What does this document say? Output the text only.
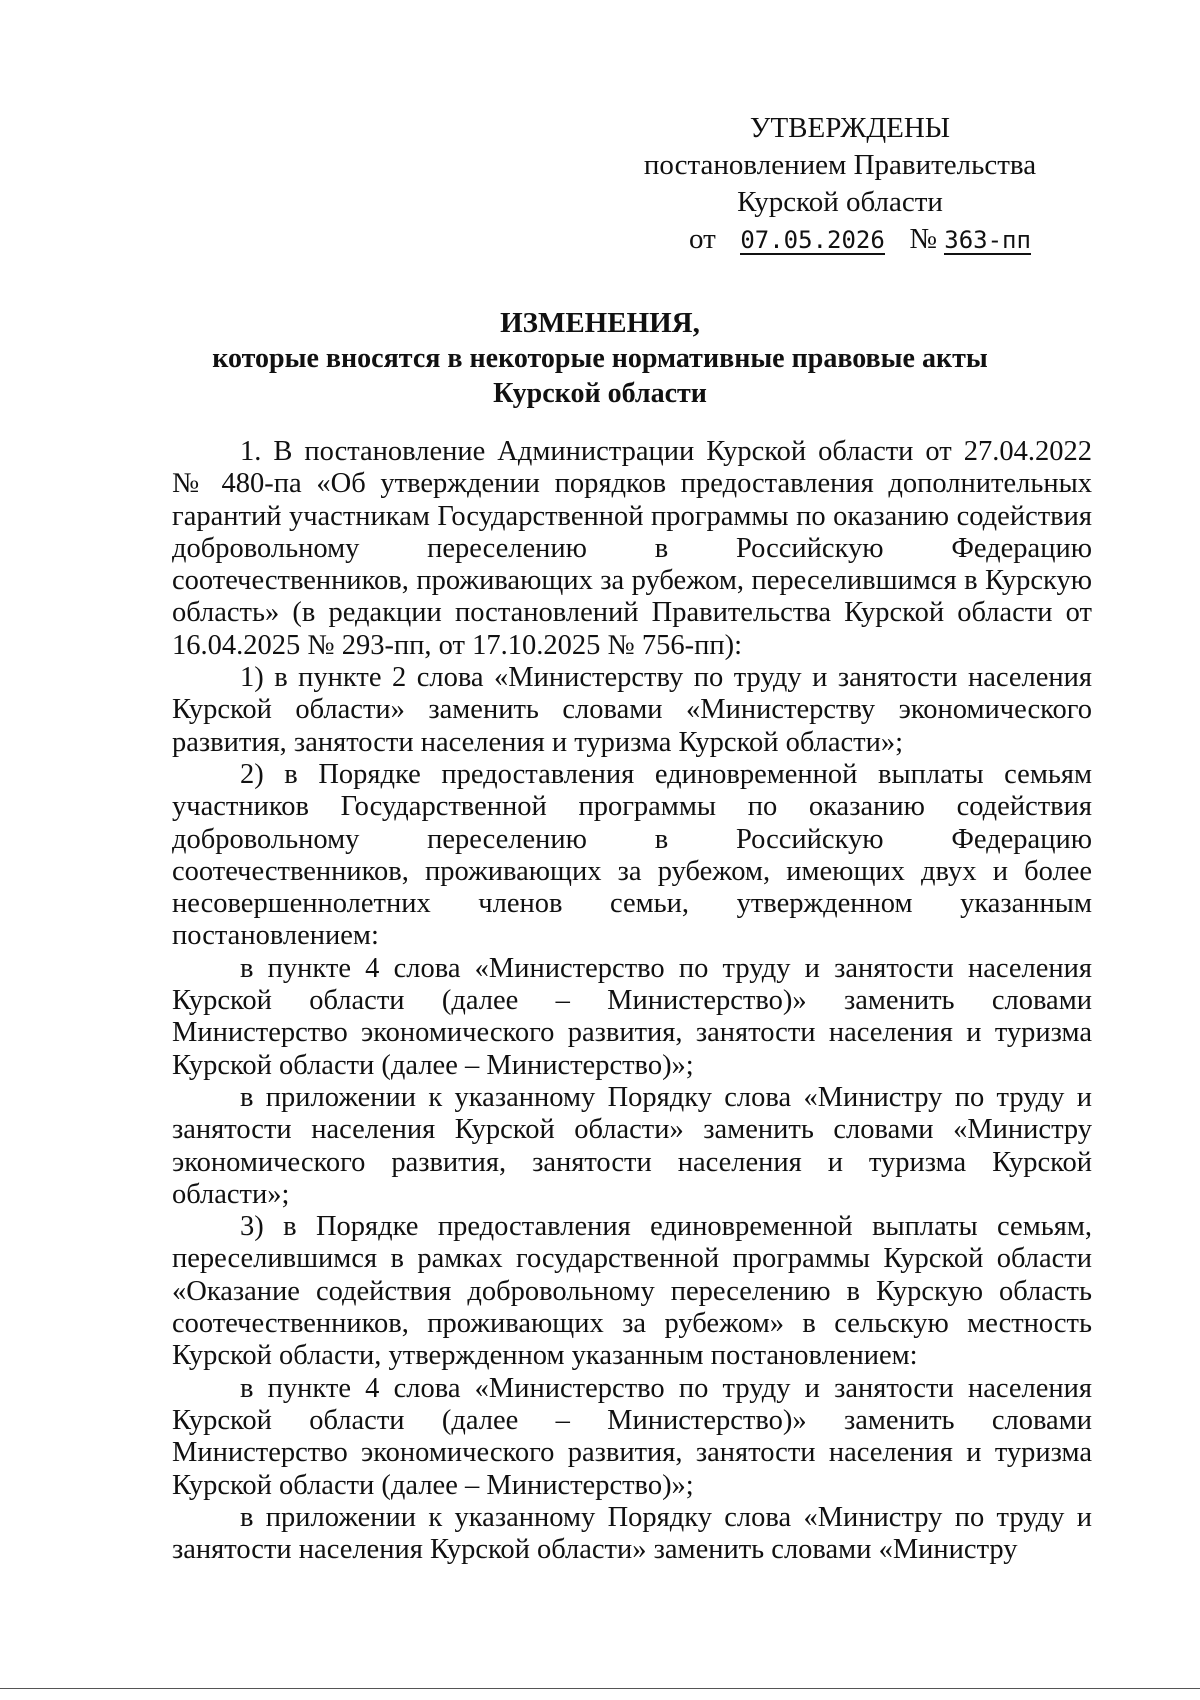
УТВЕРЖДЕНЫ
постановлением Правительства
Курской области
от 07.05.2026 № 363-пп
ИЗМЕНЕНИЯ,
которые вносятся в некоторые нормативные правовые акты
Курской области

1. В постановление Администрации Курской области от 27.04.2022 № 480-па «Об утверждении порядков предоставления дополнительных гарантий участникам Государственной программы по оказанию содействия добровольному переселению в Российскую Федерацию соотечественников, проживающих за рубежом, переселившимся в Курскую область» (в редакции постановлений Правительства Курской области от 16.04.2025 № 293-пп, от 17.10.2025 № 756-пп):

1) в пункте 2 слова «Министерству по труду и занятости населения Курской области» заменить словами «Министерству экономического развития, занятости населения и туризма Курской области»;

2) в Порядке предоставления единовременной выплаты семьям участников Государственной программы по оказанию содействия добровольному переселению в Российскую Федерацию соотечественников, проживающих за рубежом, имеющих двух и более несовершеннолетних членов семьи, утвержденном указанным постановлением:

в пункте 4 слова «Министерство по труду и занятости населения Курской области (далее – Министерство)» заменить словами Министерство экономического развития, занятости населения и туризма Курской области (далее – Министерство)»;

в приложении к указанному Порядку слова «Министру по труду и занятости населения Курской области» заменить словами «Министру экономического развития, занятости населения и туризма Курской области»;

3) в Порядке предоставления единовременной выплаты семьям, переселившимся в рамках государственной программы Курской области «Оказание содействия добровольному переселению в Курскую область соотечественников, проживающих за рубежом» в сельскую местность Курской области, утвержденном указанным постановлением:

в пункте 4 слова «Министерство по труду и занятости населения Курской области (далее – Министерство)» заменить словами Министерство экономического развития, занятости населения и туризма Курской области (далее – Министерство)»;

в приложении к указанному Порядку слова «Министру по труду и занятости населения Курской области» заменить словами «Министру
